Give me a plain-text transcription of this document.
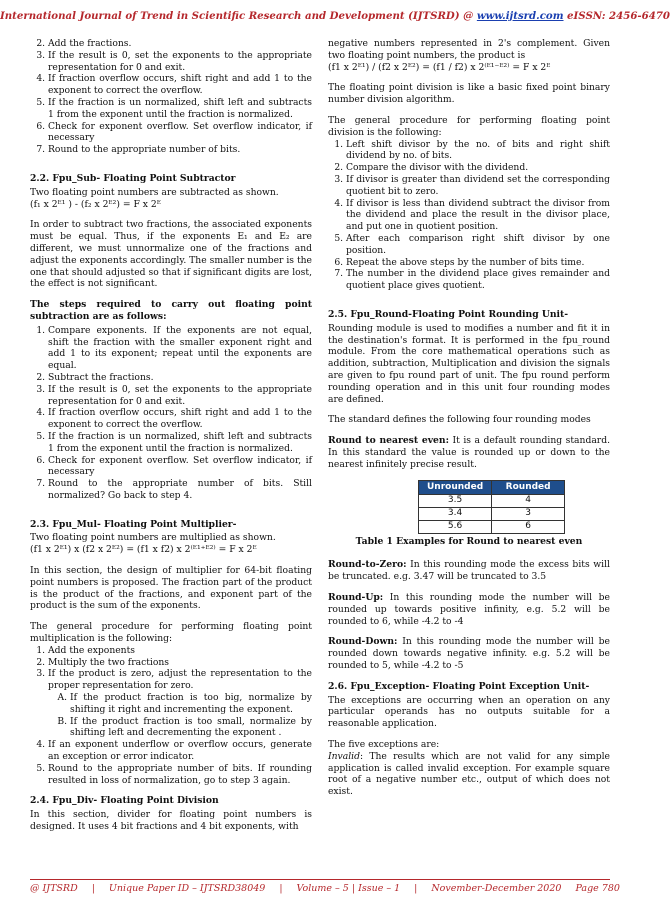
International Journal of Trend in Scientific Research and Development (IJTSRD) @ www.ijtsrd.com eISSN: 2456-6470
2. Add the fractions.
3. If the result is 0, set the exponents to the appropriate representation for 0 and exit.
4. If fraction overflow occurs, shift right and add 1 to the exponent to correct the overflow.
5. If the fraction is un normalized, shift left and subtracts 1 from the exponent until the fraction is normalized.
6. Check for exponent overflow. Set overflow indicator, if necessary
7. Round to the appropriate number of bits.

2.2. Fpu_Sub- Floating Point Subtractor

Two floating point numbers are subtracted as shown.

(f₁ x 2ᴱ¹ ) - (f₂ x 2ᴱ²) = F x 2ᴱ

In order to subtract two fractions, the associated exponents must be equal. Thus, if the exponents E₁ and E₂ are different, we must unnormalize one of the fractions and adjust the exponents accordingly. The smaller number is the one that should adjusted so that if significant digits are lost, the effect is not significant.

The steps required to carry out floating point subtraction are as follows:

1. Compare exponents. If the exponents are not equal, shift the fraction with the smaller exponent right and add 1 to its exponent; repeat until the exponents are equal.
2. Subtract the fractions.
3. If the result is 0, set the exponents to the appropriate representation for 0 and exit.
4. If fraction overflow occurs, shift right and add 1 to the exponent to correct the overflow.
5. If the fraction is un normalized, shift left and subtracts 1 from the exponent until the fraction is normalized.
6. Check for exponent overflow. Set overflow indicator, if necessary
7. Round to the appropriate number of bits. Still normalized? Go back to step 4.

2.3. Fpu_Mul- Floating Point Multiplier-

Two floating point numbers are multiplied as shown.

(f1 x 2ᴱ¹) x (f2 x 2ᴱ²) = (f1 x f2) x 2⁽ᴱ¹⁺ᴱ²⁾ = F x 2ᴱ

In this section, the design of multiplier for 64-bit floating point numbers is proposed. The fraction part of the product is the product of the fractions, and exponent part of the product is the sum of the exponents.

The general procedure for performing floating point multiplication is the following:

1. Add the exponents
2. Multiply the two fractions
3. If the product is zero, adjust the representation to the proper representation for zero.
A. If the product fraction is too big, normalize by shifting it right and incrementing the exponent.
B. If the product fraction is too small, normalize by shifting left and decrementing the exponent .
4. If an exponent underflow or overflow occurs, generate an exception or error indicator.
5. Round to the appropriate number of bits. If rounding resulted in loss of normalization, go to step 3 again.

2.4. Fpu_Div- Floating Point Division

In this section, divider for floating point numbers is designed. It uses 4 bit fractions and 4 bit exponents, with

negative numbers represented in 2's complement. Given two floating point numbers, the product is

(f1 x 2ᴱ¹) / (f2 x 2ᴱ²) = (f1 / f2) x 2⁽ᴱ¹⁻ᴱ²⁾ = F x 2ᴱ

The floating point division is like a basic fixed point binary number division algorithm.

The general procedure for performing floating point division is the following:

1. Left shift divisor by the no. of bits and right shift dividend by no. of bits.
2. Compare the divisor with the dividend.
3. If divisor is greater than dividend set the corresponding quotient bit to zero.
4. If divisor is less than dividend subtract the divisor from the dividend and place the result in the divisor place, and put one in quotient position.
5. After each comparison right shift divisor by one position.
6. Repeat the above steps by the number of bits time.
7. The number in the dividend place gives remainder and quotient place gives quotient.

2.5. Fpu_Round-Floating Point Rounding Unit-

Rounding module is used to modifies a number and fit it in the destination's format. It is performed in the fpu_round module. From the core mathematical operations such as addition, subtraction, Multiplication and division the signals are given to fpu round part of unit. The fpu round perform rounding operation and in this unit four rounding modes are defined.

The standard defines the following four rounding modes

Round to nearest even: It is a default rounding standard. In this standard the value is rounded up or down to the nearest infinitely precise result.

Unrounded	Rounded
3.5	4
3.4	3
5.6	6

Table 1 Examples for Round to nearest even

Round-to-Zero: In this rounding mode the excess bits will be truncated. e.g. 3.47 will be truncated to 3.5

Round-Up: In this rounding mode the number will be rounded up towards positive infinity, e.g. 5.2 will be rounded to 6, while -4.2 to -4

Round-Down: In this rounding mode the number will be rounded down towards negative infinity. e.g. 5.2 will be rounded to 5, while -4.2 to -5

2.6. Fpu_Exception- Floating Point Exception Unit-

The exceptions are occurring when an operation on any particular operands has no outputs suitable for a reasonable application.

The five exceptions are:

Invalid: The results which are not valid for any simple application is called invalid exception. For example square root of a negative number etc., output of which does not exist.

@ IJTSRD | Unique Paper ID – IJTSRD38049 | Volume – 5 | Issue – 1 | November-December 2020 Page 780
